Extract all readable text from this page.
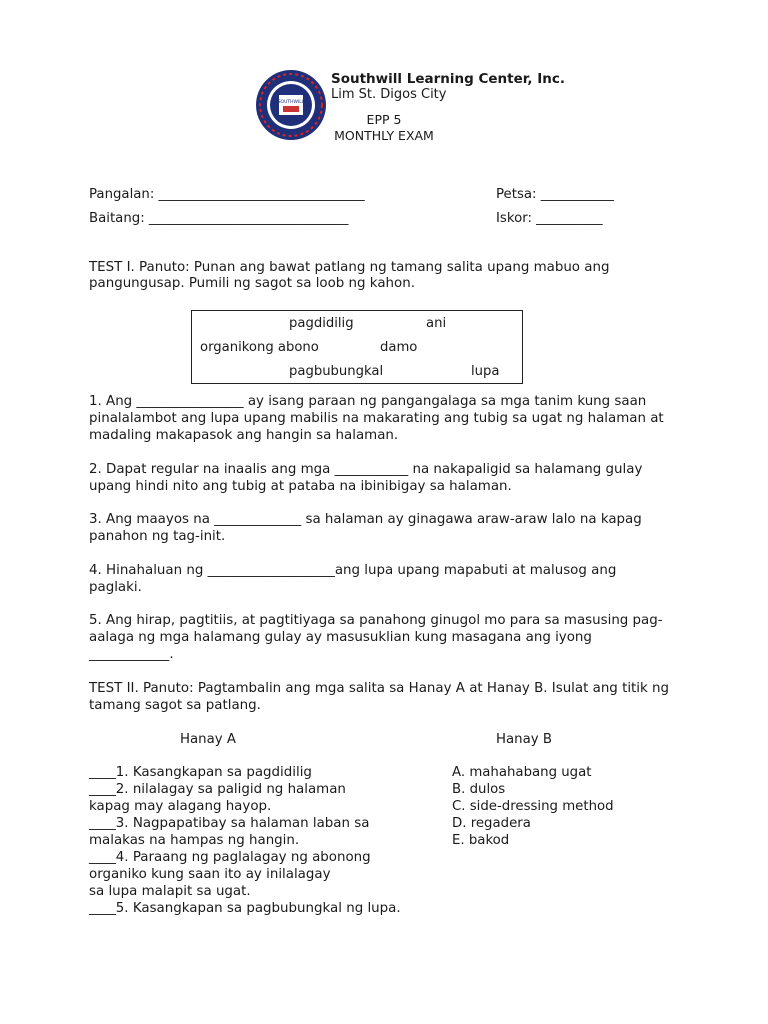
SOUTHWILL
Southwill Learning Center, Inc.
Lim St. Digos City
EPP 5
MONTHLY EXAM
Pangalan: _______________________________	Petsa: ___________
Baitang: ______________________________	Iskor: __________
TEST I. Panuto: Punan ang bawat patlang ng tamang salita upang mabuo ang
pangungusap. Pumili ng sagot sa loob ng kahon.
pagdidilig	ani
organikong abono	damo
pagbubungkal	lupa
1. Ang ________________ ay isang paraan ng pangangalaga sa mga tanim kung saan
pinalalambot ang lupa upang mabilis na makarating ang tubig sa ugat ng halaman at
madaling makapasok ang hangin sa halaman.
2. Dapat regular na inaalis ang mga ___________ na nakapaligid sa halamang gulay
upang hindi nito ang tubig at pataba na ibinibigay sa halaman.
3. Ang maayos na _____________ sa halaman ay ginagawa araw-araw lalo na kapag
panahon ng tag-init.
4. Hinahaluan ng ___________________ang lupa upang mapabuti at malusog ang
paglaki.
5. Ang hirap, pagtitiis, at pagtitiyaga sa panahong ginugol mo para sa masusing pag-
aalaga ng mga halamang gulay ay masusuklian kung masagana ang iyong
____________.
TEST II. Panuto: Pagtambalin ang mga salita sa Hanay A at Hanay B. Isulat ang titik ng
tamang sagot sa patlang.
Hanay A	Hanay B
____1. Kasangkapan sa pagdidilig
____2. nilalagay sa paligid ng halaman
kapag may alagang hayop.
____3. Nagpapatibay sa halaman laban sa
malakas na hampas ng hangin.
____4. Paraang ng paglalagay ng abonong
organiko kung saan ito ay inilalagay
sa lupa malapit sa ugat.
____5. Kasangkapan sa pagbubungkal ng lupa.
A. mahahabang ugat
B. dulos
C. side-dressing method
D. regadera
E. bakod
